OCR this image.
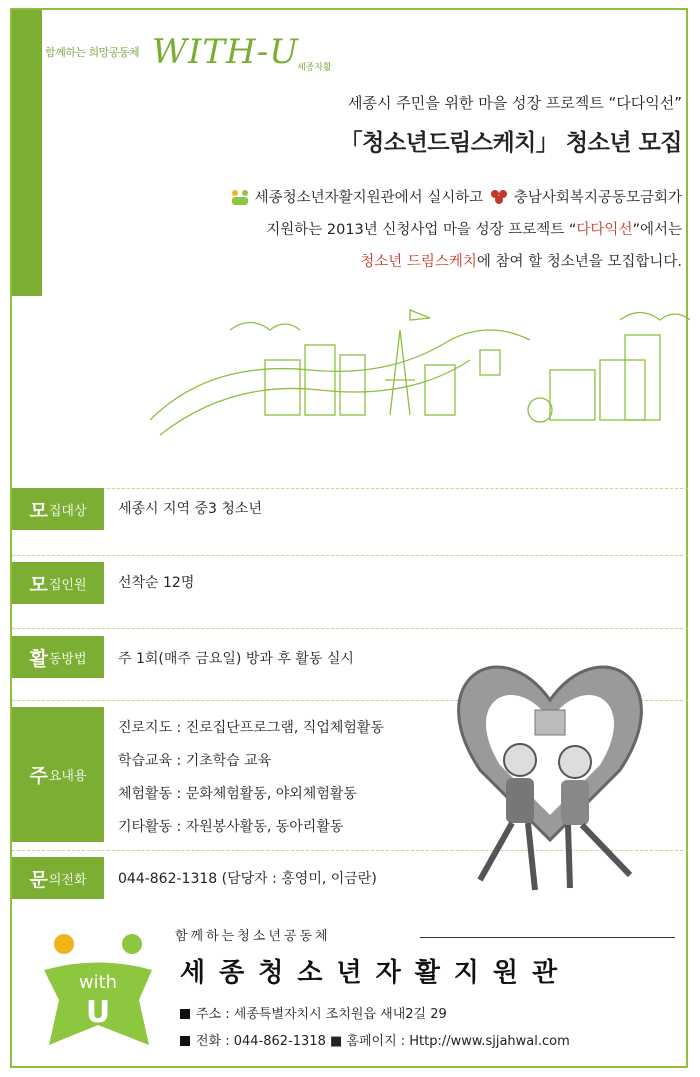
함께하는 희망공동체 WITH-U
세종자활
세종시 주민을 위한 마을 성장 프로젝트 “다다익선”
「청소년드림스케치」 청소년 모집
세종청소년자활지원관에서 실시하고 충남사회복지공동모금회가
지원하는 2013년 신청사업 마을 성장 프로젝트 “다다익선”에서는
청소년 드림스케치에 참여 할 청소년을 모집합니다.
모 집대상 세종시 지역 중3 청소년
모 집인원 선착순 12명
활 동방법 주 1회(매주 금요일) 방과 후 활동 실시
주 요내용
진로지도 : 진로집단프로그램, 직업체험활동
학습교육 : 기초학습 교육
체험활동 : 문화체험활동, 야외체험활동
기타활동 : 자원봉사활동, 동아리활동
문 의전화 044-862-1318 (담당자 : 홍영미, 이금란)
with
U
함께하는청소년공동체
세종청소년자활지원관
주소 : 세종특별자치시 조치원읍 새내2길 29
전화 : 044-862-1318 ■ 홈페이지 : Http://www.sjjahwal.com
